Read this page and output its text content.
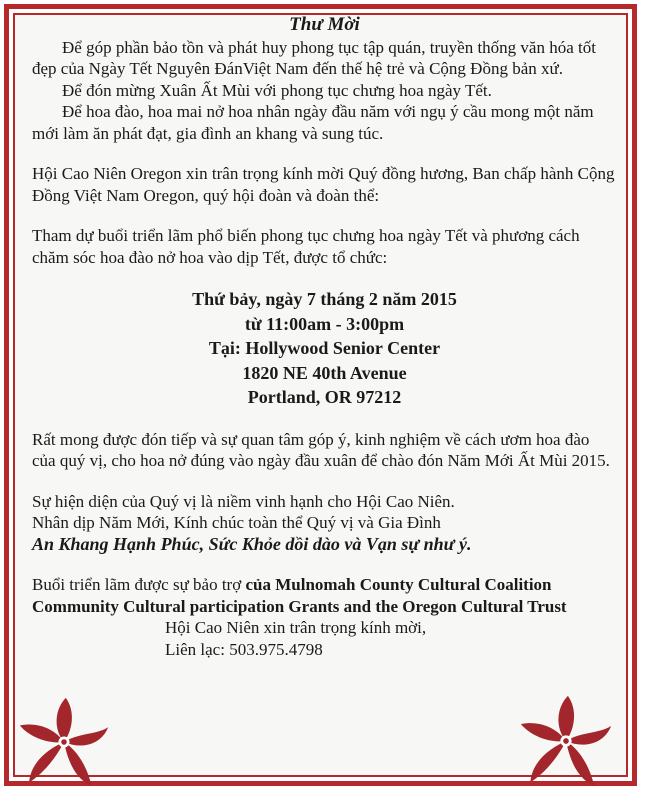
Thư Mời

Để góp phần bảo tồn và phát huy phong tục tập quán, truyền thống văn hóa tốt đẹp của Ngày Tết Nguyên ĐánViệt Nam đến thế hệ trẻ và Cộng Đồng bản xứ.

Để đón mừng Xuân Ất Mùi với phong tục chưng hoa ngày Tết.

Để hoa đào, hoa mai nở hoa nhân ngày đầu năm với ngụ ý cầu mong một năm mới làm ăn phát đạt, gia đình an khang và sung túc.

Hội Cao Niên Oregon xin trân trọng kính mời Quý đồng hương, Ban chấp hành Cộng Đồng Việt Nam Oregon, quý hội đoàn và đoàn thể:

Tham dự buổi triển lãm phổ biến phong tục chưng hoa ngày Tết và phương cách chăm sóc hoa đào nở hoa vào dịp Tết, được tổ chức:

Thứ bảy, ngày 7 tháng 2 năm 2015

từ 11:00am - 3:00pm

Tại: Hollywood Senior Center

1820 NE 40th Avenue

Portland, OR 97212

Rất mong được đón tiếp và sự quan tâm góp ý, kinh nghiệm về cách ươm hoa đào của quý vị, cho hoa nở đúng vào ngày đầu xuân để chào đón Năm Mới Ất Mùi 2015.

Sự hiện diện của Quý vị là niềm vinh hạnh cho Hội Cao Niên.

Nhân dịp Năm Mới, Kính chúc toàn thể Quý vị và Gia Đình

An Khang Hạnh Phúc, Sức Khỏe dồi dào và Vạn sự như ý.

Buổi triển lãm được sự bảo trợ của Mulnomah County Cultural Coalition Community Cultural participation Grants and the Oregon Cultural Trust

Hội Cao Niên xin trân trọng kính mời,

Liên lạc: 503.975.4798
